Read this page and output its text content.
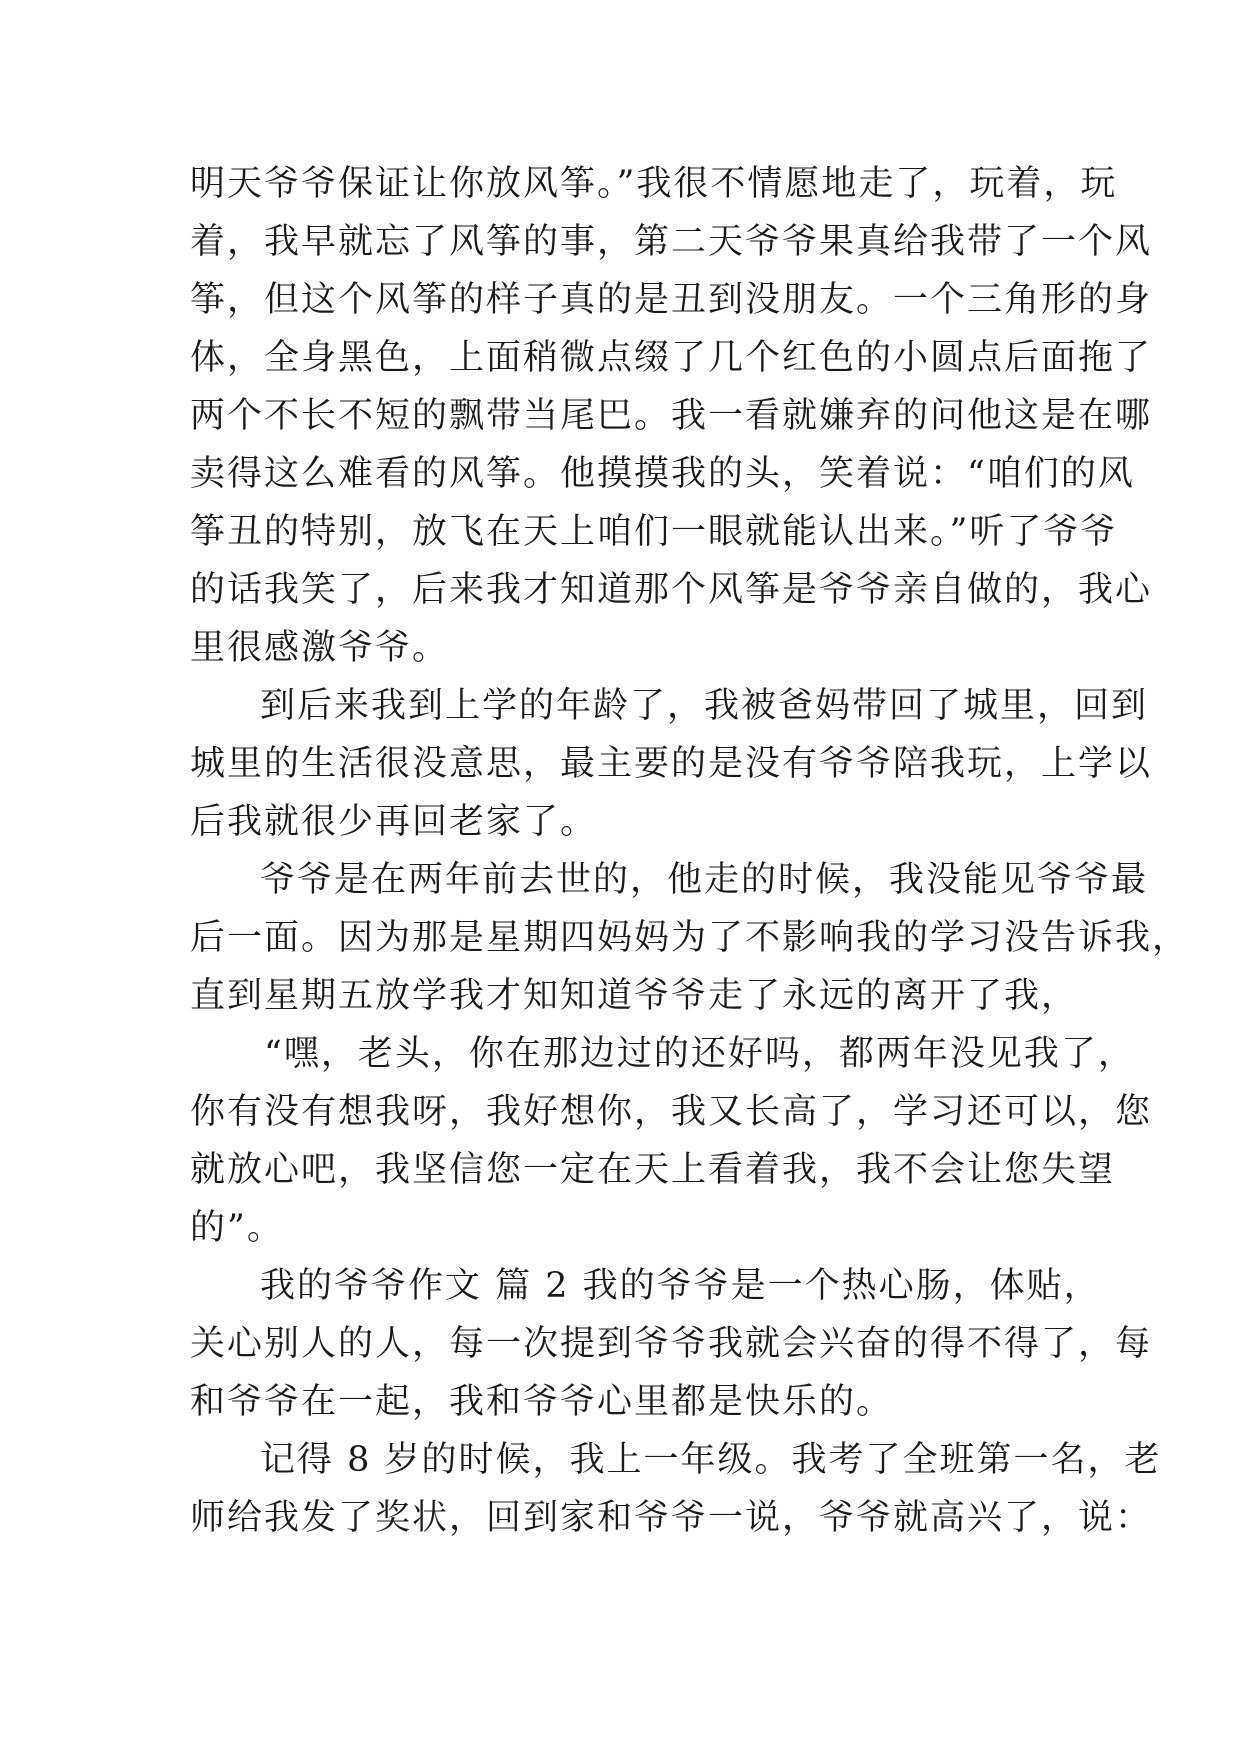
明天爷爷保证让你放风筝。”我很不情愿地走了，玩着，玩
着，我早就忘了风筝的事，第二天爷爷果真给我带了一个风
筝，但这个风筝的样子真的是丑到没朋友。一个三角形的身
体，全身黑色，上面稍微点缀了几个红色的小圆点后面拖了
两个不长不短的飘带当尾巴。我一看就嫌弃的问他这是在哪
卖得这么难看的风筝。他摸摸我的头，笑着说：“咱们的风
筝丑的特别，放飞在天上咱们一眼就能认出来。”听了爷爷
的话我笑了，后来我才知道那个风筝是爷爷亲自做的，我心
里很感激爷爷。
到后来我到上学的年龄了，我被爸妈带回了城里，回到
城里的生活很没意思，最主要的是没有爷爷陪我玩，上学以
后我就很少再回老家了。
爷爷是在两年前去世的，他走的时候，我没能见爷爷最
后一面。因为那是星期四妈妈为了不影响我的学习没告诉我，
直到星期五放学我才知知道爷爷走了永远的离开了我，
“嘿，老头，你在那边过的还好吗，都两年没见我了，
你有没有想我呀，我好想你，我又长高了，学习还可以，您
就放心吧，我坚信您一定在天上看着我，我不会让您失望
的”。
我的爷爷作文 篇 2 我的爷爷是一个热心肠，体贴，
关心别人的人，每一次提到爷爷我就会兴奋的得不得了，每
和爷爷在一起，我和爷爷心里都是快乐的。
记得 8 岁的时候，我上一年级。我考了全班第一名，老
师给我发了奖状，回到家和爷爷一说，爷爷就高兴了，说：
